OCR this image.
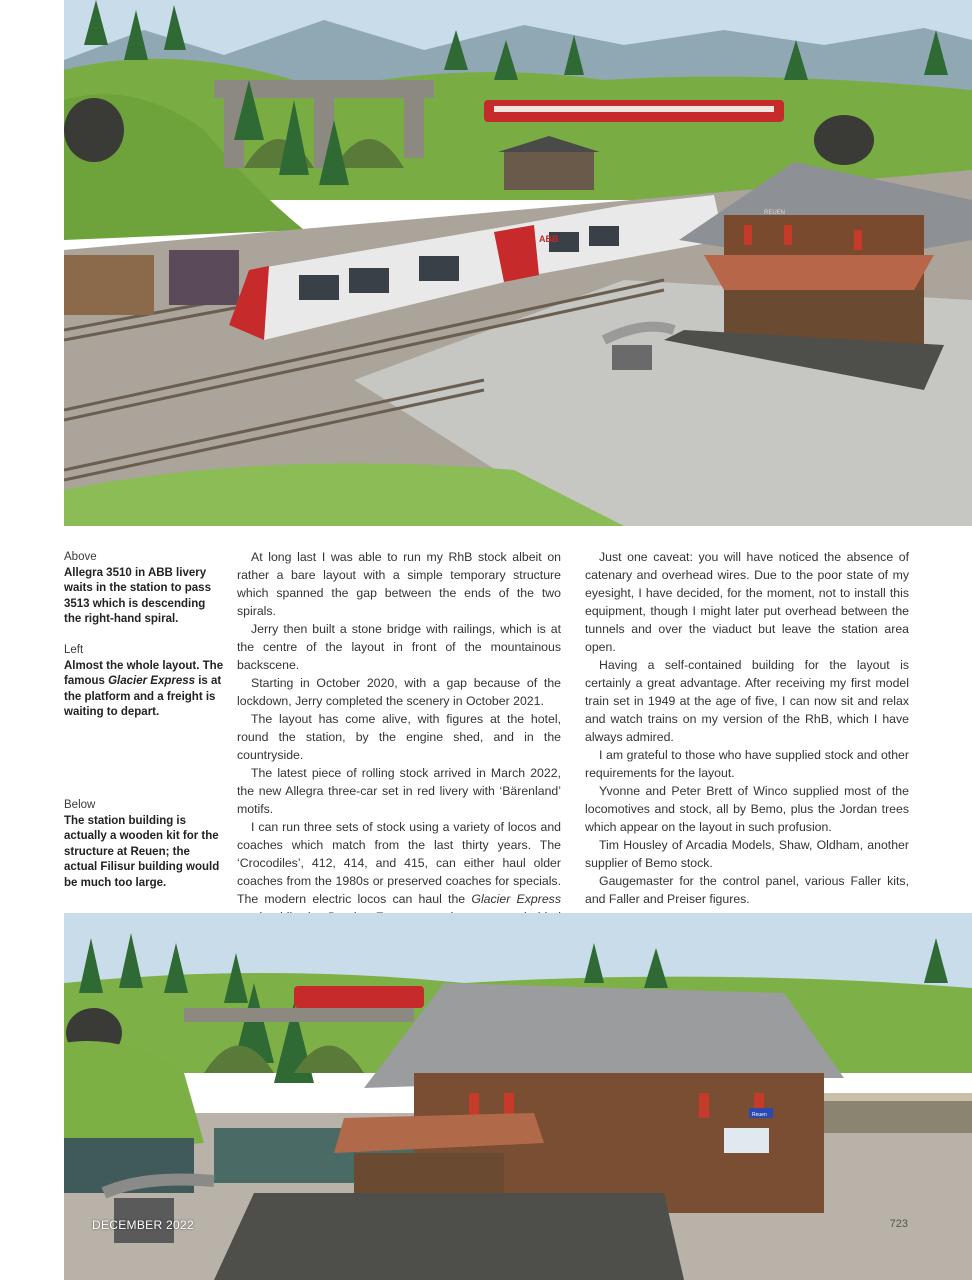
ABB
REUEN
Above
Allegra 3510 in ABB livery waits in the station to pass 3513 which is descending the right-hand spiral.
Left
Almost the whole layout. The famous Glacier Express is at the platform and a freight is waiting to depart.
Below
The station building is actually a wooden kit for the structure at Reuen; the actual Filisur building would be much too large.

At long last I was able to run my RhB stock albeit on rather a bare layout with a simple temporary structure which spanned the gap between the ends of the two spirals.

Jerry then built a stone bridge with railings, which is at the centre of the layout in front of the mountainous backscene.

Starting in October 2020, with a gap because of the lockdown, Jerry completed the scenery in October 2021.

The layout has come alive, with figures at the hotel, round the station, by the engine shed, and in the countryside.

The latest piece of rolling stock arrived in March 2022, the new Allegra three-car set in red livery with ‘Bärenland’ motifs.

I can run three sets of stock using a variety of locos and coaches which match from the last thirty years. The ‘Crocodiles’, 412, 414, and 415, can either haul older coaches from the 1980s or preserved coaches for specials. The modern electric locos can haul the Glacier Express

Just one caveat: you will have noticed the absence of catenary and overhead wires. Due to the poor state of my eyesight, I have decided, for the moment, not to install this equipment, though I might later put overhead between the tunnels and over the viaduct but leave the station area open.

Having a self-contained building for the layout is certainly a great advantage. After receiving my first model train set in 1949 at the age of five, I can now sit and relax and watch trains on my version of the RhB, which I have always admired.

I am grateful to those who have supplied stock and other requirements for the layout.

Yvonne and Peter Brett of Winco supplied most of the locomotives and stock, all by Bemo, plus the Jordan trees which appear on the layout in such profusion.

Tim Housley of Arcadia Models, Shaw, Oldham, another supplier of Bemo stock.

Gaugemaster for the control panel, various Faller kits, and Faller and Preiser figures.

Reuen
DECEMBER 2022	723
